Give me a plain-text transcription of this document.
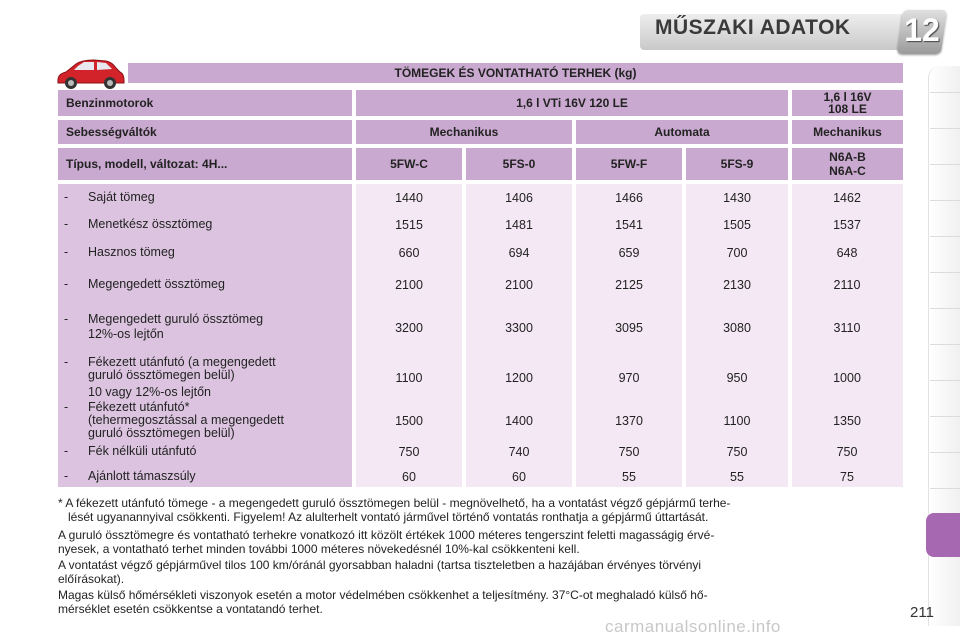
MŰSZAKI ADATOK	12
TÖMEGEK ÉS VONTATHATÓ TERHEK (kg)
Benzinmotorok	1,6 l VTi 16V 120 LE	1,6 l 16V
108 LE
Sebességváltók	Mechanikus	Automata	Mechanikus
Típus, modell, változat: 4H...	5FW-C	5FS-0	5FW-F	5FS-9	N6A-B
N6A-C
- Saját tömeg	1440	1406	1466	1430	1462
- Menetkész össztömeg	1515	1481	1541	1505	1537
- Hasznos tömeg	660	694	659	700	648
- Megengedett össztömeg	2100	2100	2125	2130	2110
- Megengedett guruló össztömeg
12%-os lejtőn	3200	3300	3095	3080	3110
- Fékezett utánfutó (a megengedett
guruló össztömegen belül)
10 vagy 12%-os lejtőn
1100	1200	970	950	1000
- Fékezett utánfutó*
(tehermegosztással a megengedett
guruló össztömegen belül)
1500	1400	1370	1100	1350
- Fék nélküli utánfutó	750	740	750	750	750
- Ajánlott támaszsúly	60	60	55	55	75
* A fékezett utánfutó tömege - a megengedett guruló össztömegen belül - megnövelhető, ha a vontatást végző gépjármű terhe-
lését ugyanannyival csökkenti. Figyelem! Az alulterhelt vontató járművel történő vontatás ronthatja a gépjármű úttartását.
A guruló össztömegre és vontatható terhekre vonatkozó itt közölt értékek 1000 méteres tengerszint feletti magasságig érvé-
nyesek, a vontatható terhet minden további 1000 méteres növekedésnél 10%-kal csökkenteni kell.
A vontatást végző gépjárművel tilos 100 km/óránál gyorsabban haladni (tartsa tiszteletben a hazájában érvényes törvényi
előírásokat).
Magas külső hőmérsékleti viszonyok esetén a motor védelmében csökkenhet a teljesítmény. 37°C-ot meghaladó külső hő-
mérséklet esetén csökkentse a vontatandó terhet.	211
carmanualsonline.info
